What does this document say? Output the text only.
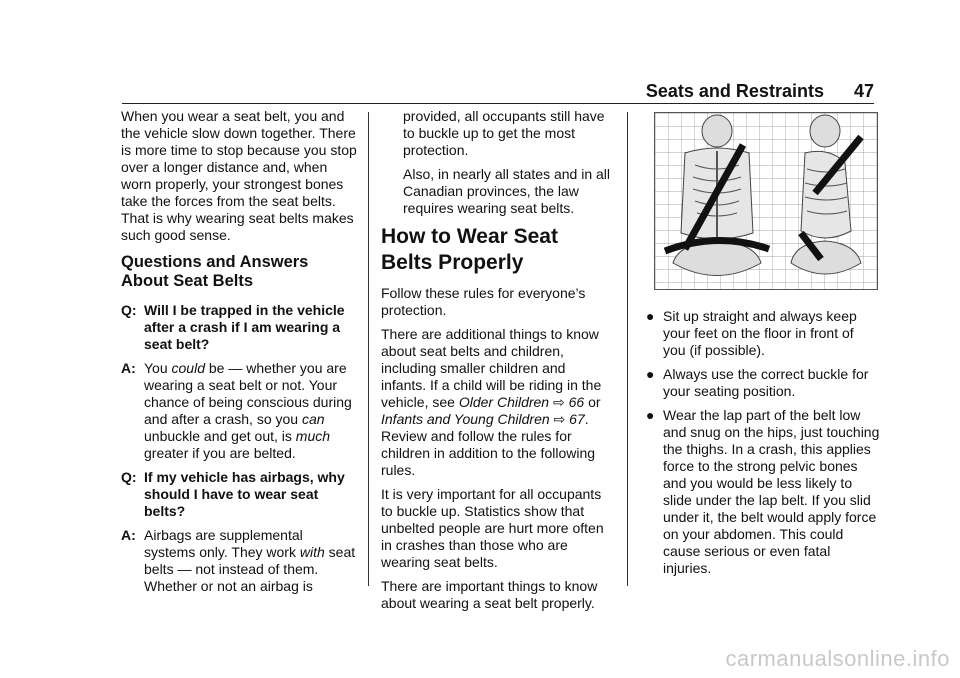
Seats and Restraints 47

When you wear a seat belt, you and the vehicle slow down together. There is more time to stop because you stop over a longer distance and, when worn properly, your strongest bones take the forces from the seat belts. That is why wearing seat belts makes such good sense.

Questions and Answers About Seat Belts
Q: Will I be trapped in the vehicle after a crash if I am wearing a seat belt?
A: You could be — whether you are wearing a seat belt or not. Your chance of being conscious during and after a crash, so you can unbuckle and get out, is much greater if you are belted.
Q: If my vehicle has airbags, why should I have to wear seat belts?
A: Airbags are supplemental systems only. They work with seat belts — not instead of them. Whether or not an airbag is

provided, all occupants still have to buckle up to get the most protection.

Also, in nearly all states and in all Canadian provinces, the law requires wearing seat belts.

How to Wear Seat Belts Properly

Follow these rules for everyone’s protection.

There are additional things to know about seat belts and children, including smaller children and infants. If a child will be riding in the vehicle, see Older Children ⇨ 66 or Infants and Young Children ⇨ 67. Review and follow the rules for children in addition to the following rules.

It is very important for all occupants to buckle up. Statistics show that unbelted people are hurt more often in crashes than those who are wearing seat belts.

There are important things to know about wearing a seat belt properly.

● Sit up straight and always keep your feet on the floor in front of you (if possible).
● Always use the correct buckle for your seating position.
● Wear the lap part of the belt low and snug on the hips, just touching the thighs. In a crash, this applies force to the strong pelvic bones and you would be less likely to slide under the lap belt. If you slid under it, the belt would apply force on your abdomen. This could cause serious or even fatal injuries.
carmanualsonline.info
